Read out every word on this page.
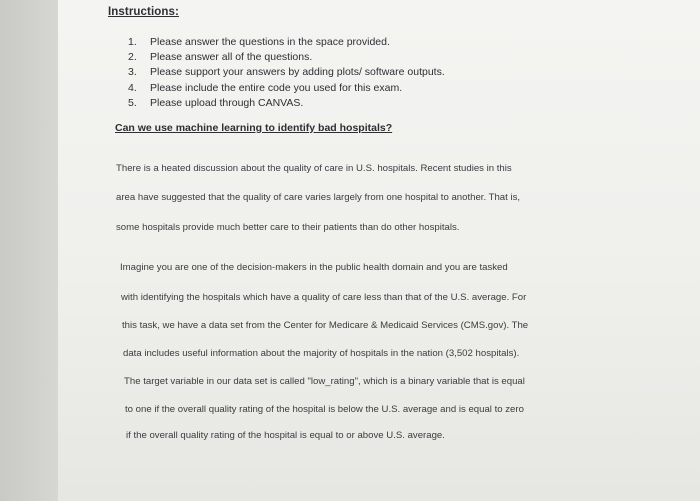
Instructions:
1. Please answer the questions in the space provided.
2. Please answer all of the questions.
3. Please support your answers by adding plots/ software outputs.
4. Please include the entire code you used for this exam.
5. Please upload through CANVAS.
Can we use machine learning to identify bad hospitals?
There is a heated discussion about the quality of care in U.S. hospitals. Recent studies in this
area have suggested that the quality of care varies largely from one hospital to another. That is,
some hospitals provide much better care to their patients than do other hospitals.
Imagine you are one of the decision-makers in the public health domain and you are tasked
with identifying the hospitals which have a quality of care less than that of the U.S. average. For
this task, we have a data set from the Center for Medicare & Medicaid Services (CMS.gov). The
data includes useful information about the majority of hospitals in the nation (3,502 hospitals).
The target variable in our data set is called "low_rating", which is a binary variable that is equal
to one if the overall quality rating of the hospital is below the U.S. average and is equal to zero
if the overall quality rating of the hospital is equal to or above U.S. average.
